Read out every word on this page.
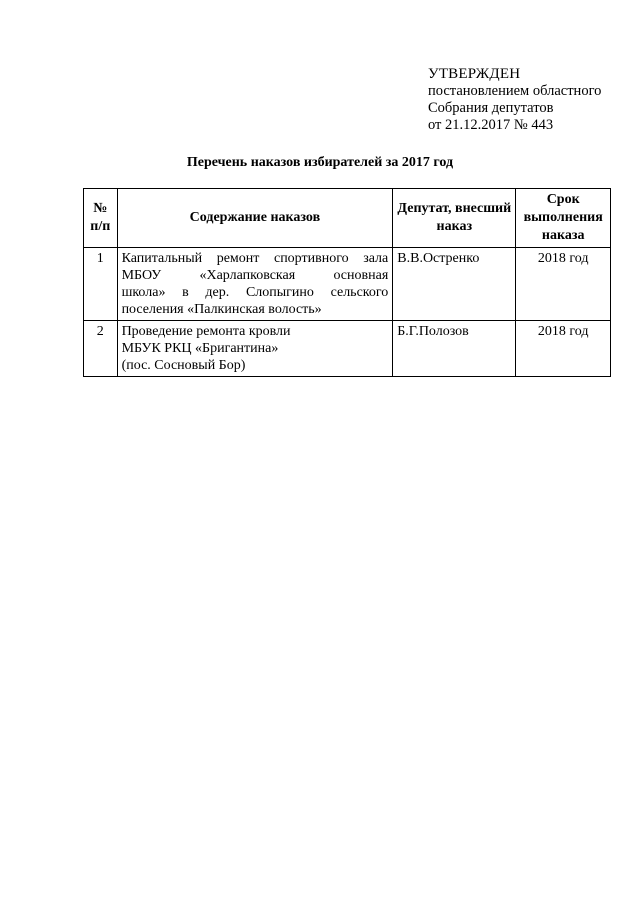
УТВЕРЖДЕН
постановлением областного
Собрания депутатов
от 21.12.2017 № 443
Перечень наказов избирателей за 2017 год
№ п/п	Содержание наказов	Депутат, внесший наказ	Срок выполнения наказа
1	Капитальный ремонт спортивного зала
МБОУ «Харлапковская основная
школа» в дер. Слопыгино сельского
поселения «Палкинская волость»	В.В.Остренко	2018 год
2	Проведение ремонта кровли
МБУК РКЦ «Бригантина»
(пос. Сосновый Бор)	Б.Г.Полозов	2018 год
